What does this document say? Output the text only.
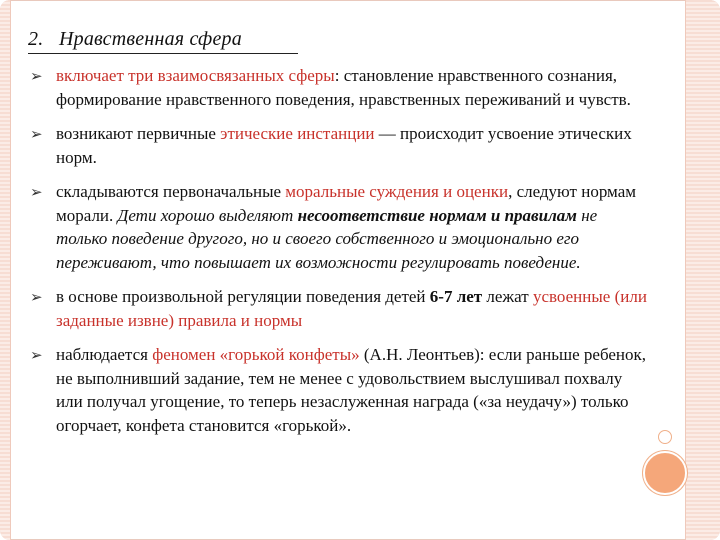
2.   Нравственная сфера
➢ включает три взаимосвязанных сферы: становление нравственного сознания, формирование нравственного поведения, нравственных переживаний и чувств.
➢ возникают первичные этические инстанции — происходит усвоение этических норм.
➢ складываются первоначальные моральные суждения и оценки, следуют нормам морали. Дети хорошо выделяют несоответствие нормам и правилам не только поведение другого, но и своего собственного и эмоционально его переживают, что повышает их возможности регулировать поведение.
➢ в основе произвольной регуляции поведения детей 6-7 лет лежат усвоенные (или заданные извне) правила и нормы
➢ наблюдается феномен «горькой конфеты» (А.Н. Леонтьев): если раньше ребенок, не выполнивший задание, тем не менее с удовольствием выслушивал похвалу или получал угощение, то теперь незаслуженная награда («за неудачу») только огорчает, конфета становится «горькой».
